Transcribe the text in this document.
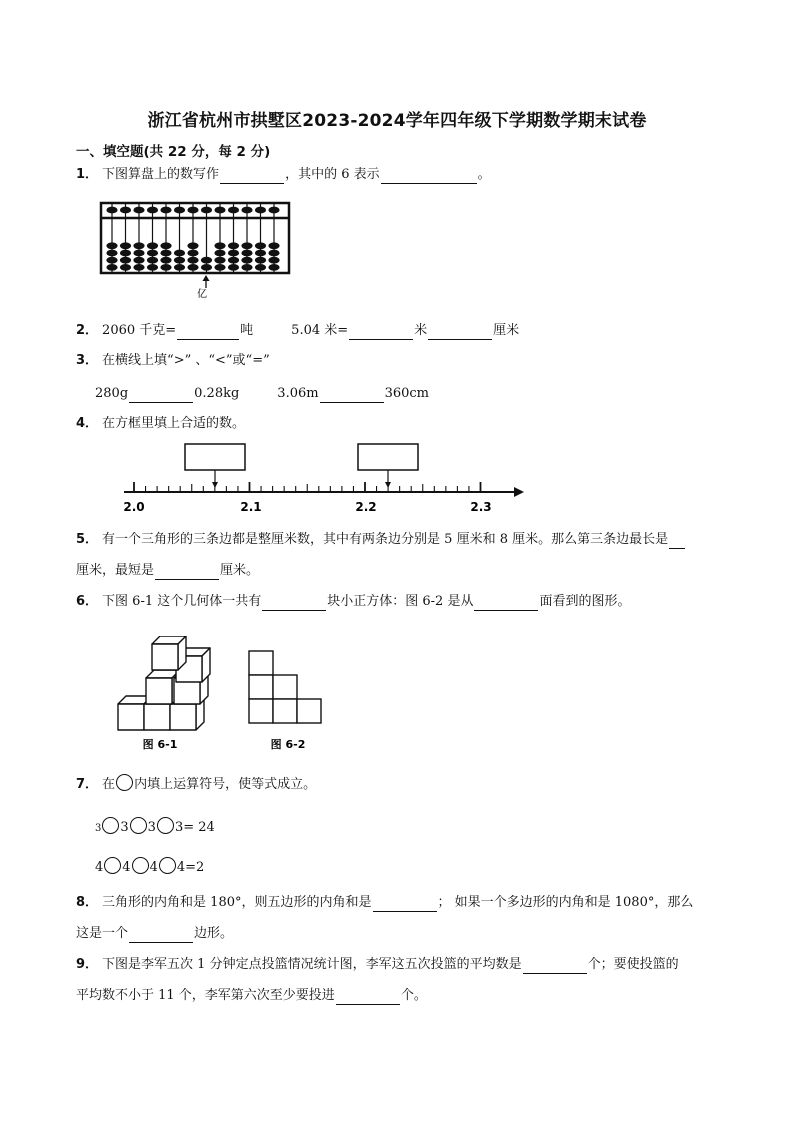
浙江省杭州市拱墅区2023-2024学年四年级下学期数学期末试卷
一、填空题(共 22 分，每 2 分)
1． 下图算盘上的数写作	，其中的 6 表示	。
亿
2． 2060 千克=	吨	5.04 米=	米	厘米
3． 在横线上填“>” 、“<”或“=”
280g	0.28kg	3.06m	360cm
4． 在方框里填上合适的数。
2.0	2.1	2.2	2.3
5． 有一个三角形的三条边都是整厘米数，其中有两条边分别是 5 厘米和 8 厘米。那么第三条边最长是
厘米，最短是	厘米。
6． 下图 6-1 这个几何体一共有	块小正方体：图 6-2 是从	面看到的图形。
图 6-1	图 6-2
7． 在 内填上运算符号，使等式成立。
3 3 3 3= 24
4 4 4 4=2
8． 三角形的内角和是 180°，则五边形的内角和是	； 如果一个多边形的内角和是 1080°，那么
这是一个	边形。
9． 下图是李军五次 1 分钟定点投篮情况统计图，李军这五次投篮的平均数是	个；要使投篮的
平均数不小于 11 个，李军第六次至少要投进	个。
